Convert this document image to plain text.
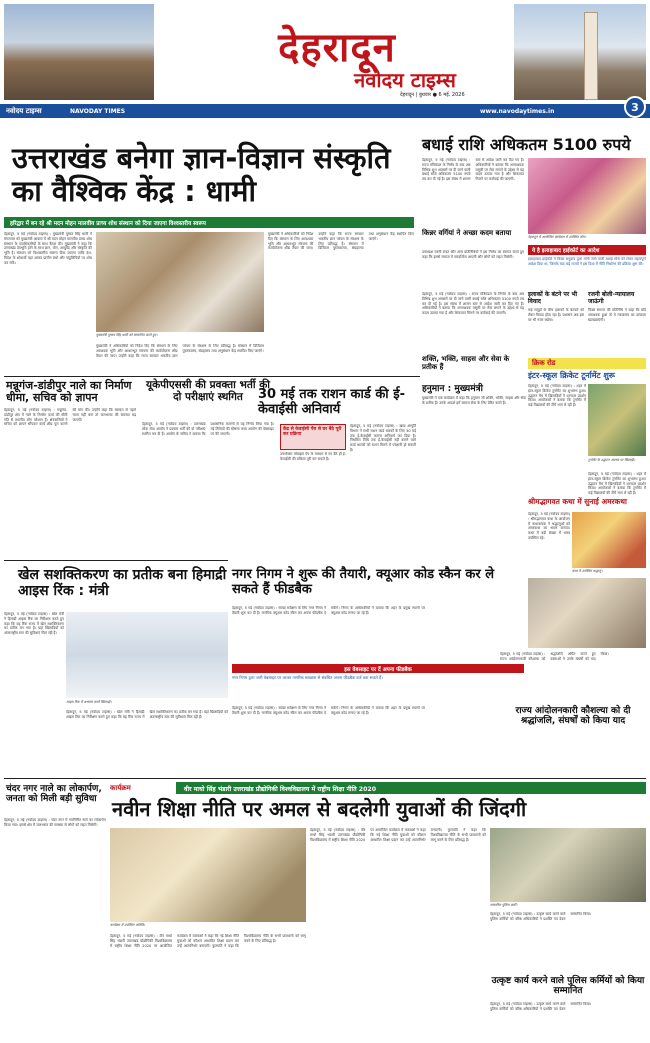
देहरादून
नवोदय टाइम्स
नवोदय टाइम्स	NAVODAY TIMES
देहरादून | बुधवार ● 6 मई, 2026
www.navodaytimes.in	3
उत्तराखंड बनेगा ज्ञान-विज्ञान संस्कृति का वैश्विक केंद्र : धामी
हरिद्वार में बन रहे श्री मदन मोहन मालवीय प्राच्य शोध संस्थान को दिया जाएगा विश्वस्तरीय स्वरूप
देहरादून, 5 मई (नवोदय टाइम्स) : मुख्यमंत्री पुष्कर सिंह धामी ने मंगलवार को मुख्यमंत्री आवास में श्री मदन मोहन मालवीय प्राच्य शोध संस्थान के पदाधिकारियों के साथ बैठक की। मुख्यमंत्री ने कहा कि उत्तराखंड देवभूमि होने के साथ ज्ञान, योग, आयुर्वेद और संस्कृति की भूमि है। संस्थान को विश्वस्तरीय स्वरूप दिया जाएगा ताकि देश-विदेश के शोधार्थी यहां आकर प्राचीन ग्रंथों और पांडुलिपियों पर शोध कर सकें।
मुख्यमंत्री पुष्कर सिंह धामी को सम्मानित करते हुए।
मुख्यमंत्री ने अधिकारियों को निर्देश दिए कि संस्थान के लिए आवश्यक भूमि और आधारभूत संरचना की कार्ययोजना शीघ्र तैयार की जाए। उन्होंने कहा कि राज्य सरकार भारतीय ज्ञान परंपरा के संरक्षण के लिए प्रतिबद्ध है। संस्थान में डिजिटल पुस्तकालय, संग्रहालय तथा अनुसंधान केंद्र स्थापित किए जाएंगे।
मुख्यमंत्री ने अधिकारियों को निर्देश दिए कि संस्थान के लिए आवश्यक भूमि और आधारभूत संरचना की कार्ययोजना शीघ्र तैयार की जाए। उन्होंने कहा कि राज्य सरकार भारतीय ज्ञान परंपरा के संरक्षण के लिए प्रतिबद्ध है। संस्थान में डिजिटल पुस्तकालय, संग्रहालय तथा अनुसंधान केंद्र स्थापित किए जाएंगे।
बधाई राशि अधिकतम 5100 रुपये
देहरादून, 5 मई (नवोदय टाइम्स) : राज्य मंत्रिमंडल के निर्णय के बाद अब विभिन्न शुभ अवसरों पर दी जाने वाली बधाई राशि अधिकतम 5100 रुपये तय कर दी गई है। इस संबंध में शासन स्तर से आदेश जारी कर दिए गए हैं। अधिकारियों ने बताया कि अनावश्यक वसूली पर रोक लगाने के उद्देश्य से यह कदम उठाया गया है और शिकायत मिलने पर कार्रवाई की जाएगी।
देहरादून में आयोजित कार्यक्रम में उपस्थित लोग।
किन्नर वर्गियां ने अच्छा कदम बताया
उपाध्यक्ष रजनी रावत और अन्य प्रतिनिधियों ने इस निर्णय का स्वागत करते हुए कहा कि इससे समाज में पारदर्शिता आएगी और लोगों को राहत मिलेगी।
ये है इलाहाबाद हाईकोर्ट का आदेश
इलाहाबाद हाईकोर्ट ने किन्नर समुदाय द्वारा मांगी जाने वाली बधाई राशि को लेकर महत्वपूर्ण आदेश दिया था, जिसके बाद कई राज्यों ने इस दिशा में नीति निर्धारण की प्रक्रिया शुरू की।
इलाकों के बंटने पर भी विवाद
कई समूहों के बीच इलाकों के बंटवारे को लेकर विवाद होता रहा है। प्रशासन अब इस पर भी नजर रखेगा।
रजनी बोली-न्यायालय जाऊंगी
किन्नर समाज की प्रतिनिधि ने कहा कि यदि आवश्यक हुआ तो वे न्यायालय का दरवाजा खटखटाएंगी।
देहरादून, 5 मई (नवोदय टाइम्स) : राज्य मंत्रिमंडल के निर्णय के बाद अब विभिन्न शुभ अवसरों पर दी जाने वाली बधाई राशि अधिकतम 5100 रुपये तय कर दी गई है। इस संबंध में शासन स्तर से आदेश जारी कर दिए गए हैं। अधिकारियों ने बताया कि अनावश्यक वसूली पर रोक लगाने के उद्देश्य से यह कदम उठाया गया है और शिकायत मिलने पर कार्रवाई की जाएगी।
मन्नूगंज-डांडीपुर नाले का निर्माण धीमा, सचिव को ज्ञापन
देहरादून, 5 मई (नवोदय टाइम्स) : मन्नूगंज-डांडीपुर क्षेत्र में नाले के निर्माण कार्य की धीमी गति से स्थानीय लोग परेशान हैं। क्षेत्रवासियों ने सचिव को ज्ञापन सौंपकर कार्य शीघ्र पूरा कराने की मांग की। उन्होंने कहा कि बरसात से पहले नाला नहीं बना तो जलभराव की समस्या बढ़ जाएगी।
यूकेपीएससी की प्रवक्ता भर्ती की दो परीक्षाएं स्थगित
देहरादून, 5 मई (नवोदय टाइम्स) : उत्तराखंड लोक सेवा आयोग ने प्रवक्ता भर्ती की दो परीक्षाएं स्थगित कर दी हैं। आयोग के सचिव ने बताया कि प्रशासनिक कारणों से यह निर्णय लिया गया है। नई तिथियों की घोषणा जल्द आयोग की वेबसाइट पर की जाएगी।
30 मई तक राशन कार्ड की ई-केवाईसी अनिवार्य
केंद्र से केवाईसी पेंच से घर बैठे पूरी कर प्रक्रिया
उपभोक्ता मोबाइल ऐप के माध्यम से घर बैठे ही ई-केवाईसी की प्रक्रिया पूरी कर सकते हैं।
देहरादून, 5 मई (नवोदय टाइम्स) : खाद्य आपूर्ति विभाग ने सभी राशन कार्ड धारकों के लिए 30 मई तक ई-केवाईसी कराना अनिवार्य कर दिया है। निर्धारित तिथि तक ई-केवाईसी नहीं कराने वाले कार्ड धारकों को राशन मिलने में परेशानी हो सकती है।
शक्ति, भक्ति, साहस और सेवा के प्रतीक हैं
हनुमान : मुख्यमंत्री
मुख्यमंत्री ने एक कार्यक्रम में कहा कि हनुमान जी शक्ति, भक्ति, साहस और सेवा के प्रतीक हैं। उनके आदर्श हमें समाज सेवा के लिए प्रेरित करते हैं।
क्रिक रोड
इंटर-स्कूल क्रिकेट टूर्नामेंट शुरू
देहरादून, 5 मई (नवोदय टाइम्स) : शहर में इंटर-स्कूल क्रिकेट टूर्नामेंट का शुभारंभ हुआ। उद्घाटन मैच में खिलाड़ियों ने शानदार प्रदर्शन किया। आयोजकों ने बताया कि टूर्नामेंट में कई विद्यालयों की टीमें भाग ले रही हैं।
टूर्नामेंट के उद्घाटन अवसर पर खिलाड़ी।
देहरादून, 5 मई (नवोदय टाइम्स) : शहर में इंटर-स्कूल क्रिकेट टूर्नामेंट का शुभारंभ हुआ। उद्घाटन मैच में खिलाड़ियों ने शानदार प्रदर्शन किया। आयोजकों ने बताया कि टूर्नामेंट में कई विद्यालयों की टीमें भाग ले रही हैं।
श्रीमद्भागवत कथा में सुनाई अमरकथा
देहरादून, 5 मई (नवोदय टाइम्स) : श्रीमद्भागवत कथा के आयोजन में कथावाचक ने श्रद्धालुओं को अमरकथा का श्रवण कराया। कथा में बड़ी संख्या में भक्त उपस्थित रहे।
कथा में उपस्थित श्रद्धालु।
खेल सशक्तिकरण का प्रतीक बना हिमाद्री आइस रिंक : मंत्री
देहरादून, 5 मई (नवोदय टाइम्स) : खेल मंत्री ने हिमाद्री आइस रिंक का निरीक्षण करते हुए कहा कि यह रिंक राज्य में खेल सशक्तिकरण का प्रतीक बन गया है। यहां खिलाड़ियों को अंतरराष्ट्रीय स्तर की सुविधाएं मिल रही हैं।
आइस रिंक में अभ्यास करते खिलाड़ी।
देहरादून, 5 मई (नवोदय टाइम्स) : खेल मंत्री ने हिमाद्री आइस रिंक का निरीक्षण करते हुए कहा कि यह रिंक राज्य में खेल सशक्तिकरण का प्रतीक बन गया है। यहां खिलाड़ियों को अंतरराष्ट्रीय स्तर की सुविधाएं मिल रही हैं।
नगर निगम ने शुरू की तैयारी, क्यूआर कोड स्कैन कर ले सकते हैं फीडबैक
देहरादून, 5 मई (नवोदय टाइम्स) : स्वच्छ सर्वेक्षण के लिए नगर निगम ने तैयारी शुरू कर दी है। नागरिक क्यूआर कोड स्कैन कर अपना फीडबैक दे सकेंगे। निगम के अधिकारियों ने बताया कि शहर के प्रमुख स्थानों पर क्यूआर कोड लगाए जा रहे हैं।
इस वेबसाइट पर दें अपना फीडबैक
नगर निगम द्वारा जारी वेबसाइट पर जाकर नागरिक स्वच्छता से संबंधित अपना फीडबैक दर्ज करा सकते हैं।
देहरादून, 5 मई (नवोदय टाइम्स) : स्वच्छ सर्वेक्षण के लिए नगर निगम ने तैयारी शुरू कर दी है। नागरिक क्यूआर कोड स्कैन कर अपना फीडबैक दे सकेंगे। निगम के अधिकारियों ने बताया कि शहर के प्रमुख स्थानों पर क्यूआर कोड लगाए जा रहे हैं।	राज्य आंदोलनकारी कौशल्या को दी श्रद्धांजलि, संघर्षों को किया याद
देहरादून, 5 मई (नवोदय टाइम्स) : राज्य आंदोलनकारी कौशल्या को श्रद्धांजलि अर्पित करते हुए वक्ताओं ने उनके संघर्षों को याद किया।
चंदर नगर नाले का लोकार्पण, जनता को मिली बड़ी सुविधा
देहरादून, 5 मई (नवोदय टाइम्स) : चंदर नगर में नवनिर्मित नाले का लोकार्पण किया गया। इससे क्षेत्र में जलभराव की समस्या से लोगों को राहत मिलेगी।
कार्यक्रम	वीर माधो सिंह भंडारी उत्तराखंड प्रौद्योगिकी विश्वविद्यालय में राष्ट्रीय शिक्षा नीति 2020
नवीन शिक्षा नीति पर अमल से बदलेगी युवाओं की जिंदगी
कार्यक्रम में उपस्थित अतिथि।
देहरादून, 5 मई (नवोदय टाइम्स) : वीर माधो सिंह भंडारी उत्तराखंड प्रौद्योगिकी विश्वविद्यालय में राष्ट्रीय शिक्षा नीति 2020 पर आयोजित कार्यक्रम में वक्ताओं ने कहा कि नई शिक्षा नीति युवाओं को कौशल आधारित शिक्षा प्रदान कर उन्हें आत्मनिर्भर बनाएगी। कुलपति ने कहा कि विश्वविद्यालय नीति के सभी प्रावधानों को लागू करने के लिए प्रतिबद्ध है।
देहरादून, 5 मई (नवोदय टाइम्स) : वीर माधो सिंह भंडारी उत्तराखंड प्रौद्योगिकी विश्वविद्यालय में राष्ट्रीय शिक्षा नीति 2020 पर आयोजित कार्यक्रम में वक्ताओं ने कहा कि नई शिक्षा नीति युवाओं को कौशल आधारित शिक्षा प्रदान कर उन्हें आत्मनिर्भर बनाएगी। कुलपति ने कहा कि विश्वविद्यालय नीति के सभी प्रावधानों को लागू करने के लिए प्रतिबद्ध है।
सम्मानित पुलिस कर्मी।
देहरादून, 5 मई (नवोदय टाइम्स) : उत्कृष्ट कार्य करने वाले पुलिस कर्मियों को वरिष्ठ अधिकारियों ने प्रशस्ति पत्र देकर सम्मानित किया।
उत्कृष्ट कार्य करने वाले पुलिस कर्मियों को किया सम्मानित
देहरादून, 5 मई (नवोदय टाइम्स) : उत्कृष्ट कार्य करने वाले पुलिस कर्मियों को वरिष्ठ अधिकारियों ने प्रशस्ति पत्र देकर सम्मानित किया।
